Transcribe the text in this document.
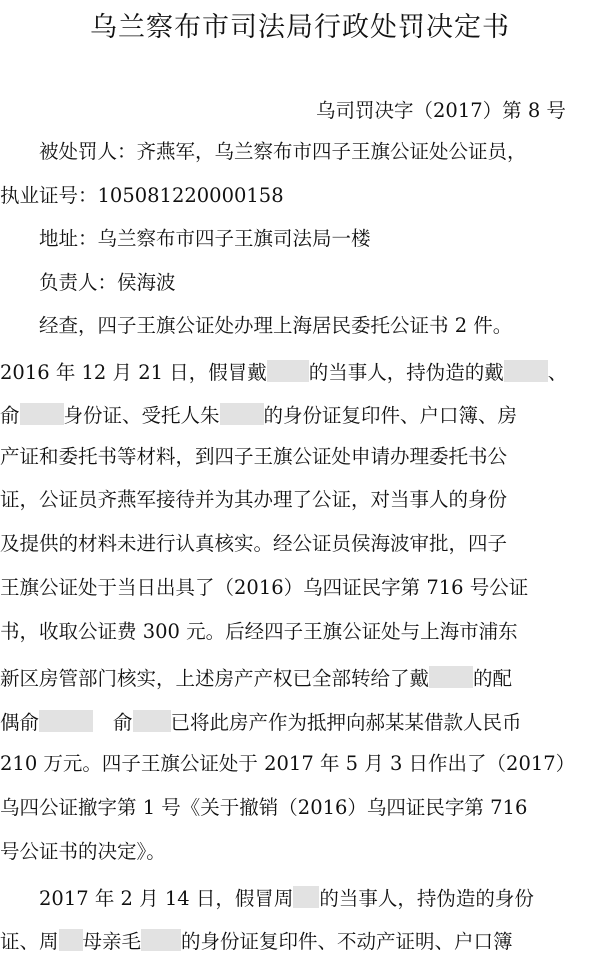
乌兰察布市司法局行政处罚决定书
乌司罚决字（2017）第 8 号
　　被处罚人：齐燕军，乌兰察布市四子王旗公证处公证员，
执业证号：105081220000158
　　地址：乌兰察布市四子王旗司法局一楼
　　负责人：侯海波
　　经查，四子王旗公证处办理上海居民委托公证书 2 件。
2016 年 12 月 21 日，假冒戴 的当事人，持伪造的戴 、
俞 身份证、受托人朱 的身份证复印件、户口簿、房
产证和委托书等材料，到四子王旗公证处申请办理委托书公
证，公证员齐燕军接待并为其办理了公证，对当事人的身份
及提供的材料未进行认真核实。经公证员侯海波审批，四子
王旗公证处于当日出具了（2016）乌四证民字第 716 号公证
书，收取公证费 300 元。后经四子王旗公证处与上海市浦东
新区房管部门核实，上述房产产权已全部转给了戴 的配
偶俞	俞 已将此房产作为抵押向郝某某借款人民币
210 万元。四子王旗公证处于 2017 年 5 月 3 日作出了（2017）
乌四公证撤字第 1 号《关于撤销（2016）乌四证民字第 716
号公证书的决定》。
　　2017 年 2 月 14 日，假冒周 的当事人，持伪造的身份
证、周 母亲毛 的身份证复印件、不动产证明、户口簿
